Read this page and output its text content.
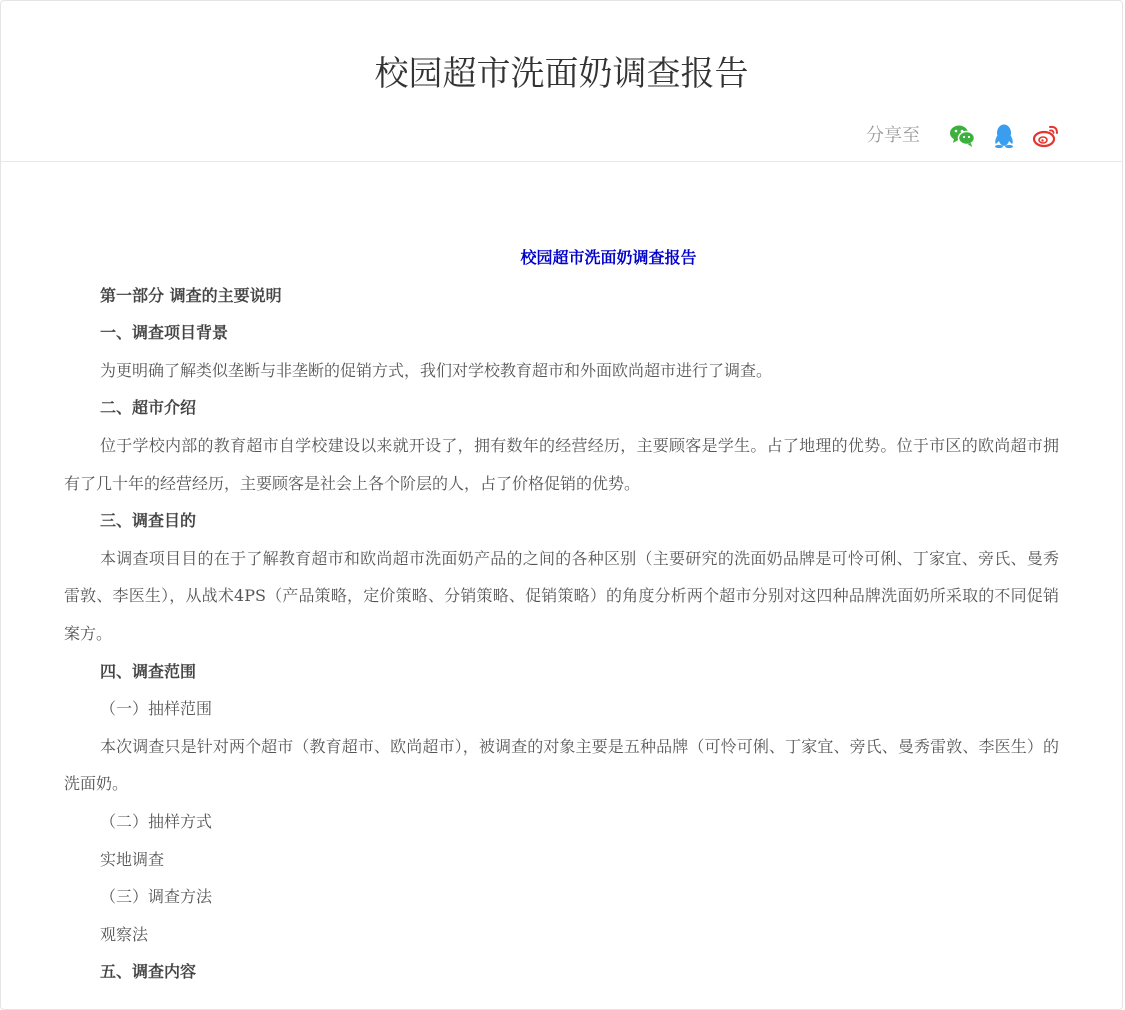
校园超市洗面奶调查报告
分享至

校园超市洗面奶调查报告

第一部分 调查的主要说明

一、调查项目背景

为更明确了解类似垄断与非垄断的促销方式，我们对学校教育超市和外面欧尚超市进行了调查。

二、超市介绍

位于学校内部的教育超市自学校建设以来就开设了，拥有数年的经营经历，主要顾客是学生。占了地理的优势。位于市区的欧尚超市拥有了几十年的经营经历，主要顾客是社会上各个阶层的人，占了价格促销的优势。

三、调查目的

本调查项目目的在于了解教育超市和欧尚超市洗面奶产品的之间的各种区别（主要研究的洗面奶品牌是可怜可俐、丁家宜、旁氏、曼秀雷敦、李医生），从战术4PS（产品策略，定价策略、分销策略、促销策略）的角度分析两个超市分别对这四种品牌洗面奶所采取的不同促销案方。

四、调查范围

（一）抽样范围

本次调查只是针对两个超市（教育超市、欧尚超市），被调查的对象主要是五种品牌（可怜可俐、丁家宜、旁氏、曼秀雷敦、李医生）的洗面奶。

（二）抽样方式

实地调查

（三）调查方法

观察法

五、调查内容
